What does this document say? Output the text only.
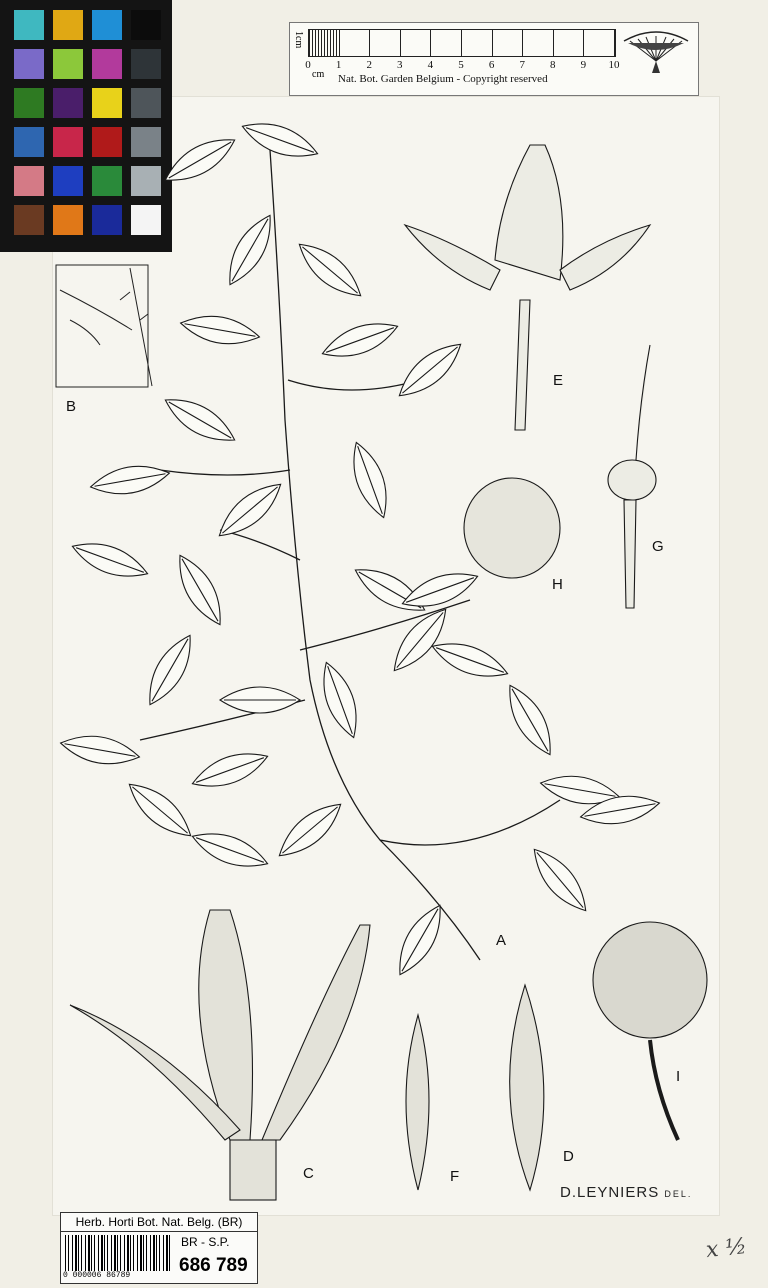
1cm
0 1 2 3 4 5 6 7 8 9 10
cm Nat. Bot. Garden Belgium - Copyright reserved
B
E
G
H
A
I
C	F
D
D.LEYNIERS DEL.
Herb. Horti Bot. Nat. Belg. (BR)
0 000006 86789
BR - S.P.
686 789
x ½
